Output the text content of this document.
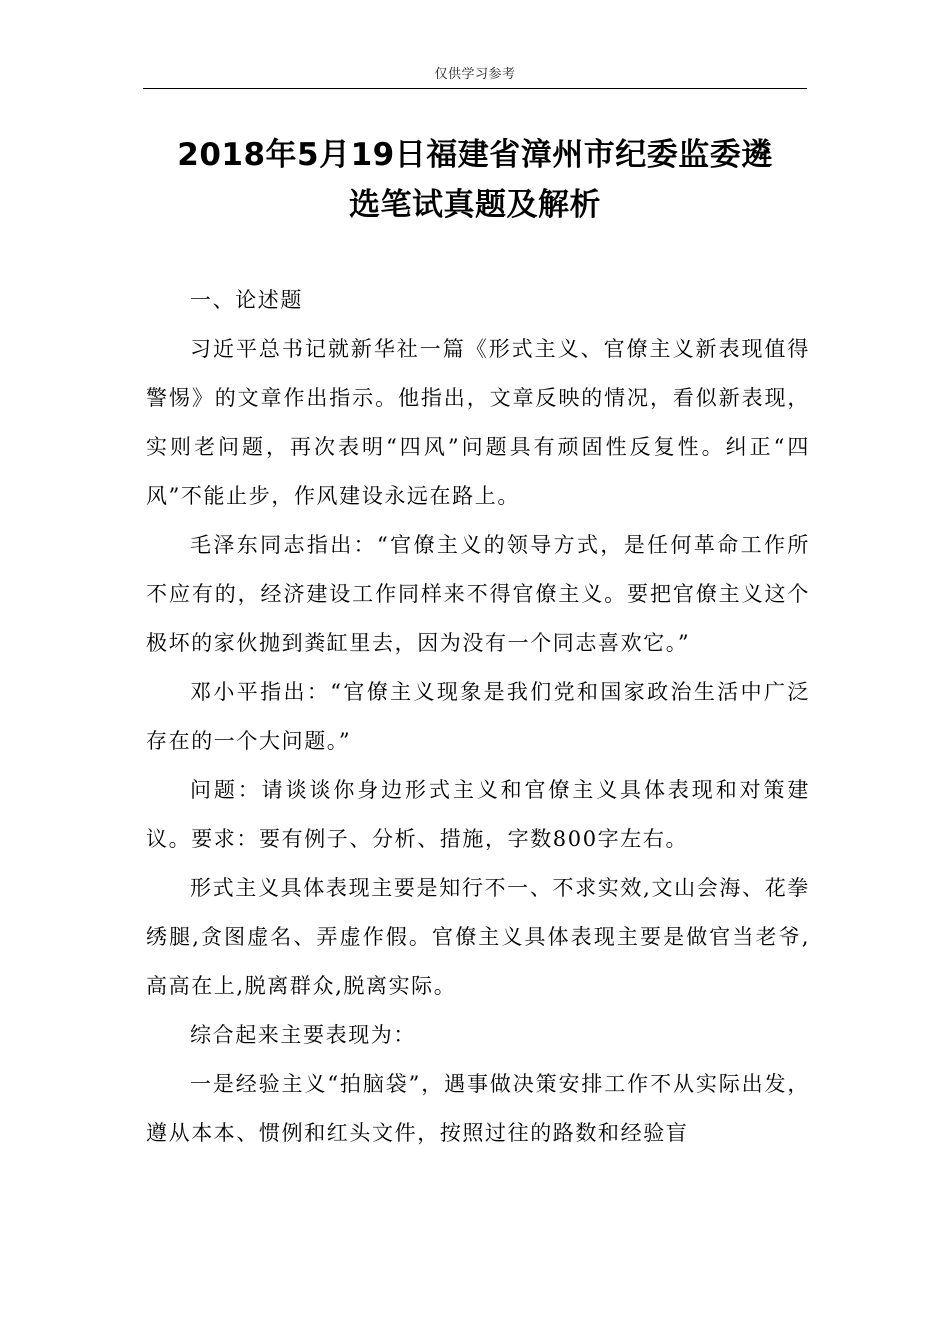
仅供学习参考
2018年5月19日福建省漳州市纪委监委遴
选笔试真题及解析

一、论述题

习近平总书记就新华社一篇《形式主义、官僚主义新表现值得警惕》的文章作出指示。他指出，文章反映的情况，看似新表现，实则老问题，再次表明“四风”问题具有顽固性反复性。纠正“四风”不能止步，作风建设永远在路上。

毛泽东同志指出：“官僚主义的领导方式，是任何革命工作所不应有的，经济建设工作同样来不得官僚主义。要把官僚主义这个极坏的家伙抛到粪缸里去，因为没有一个同志喜欢它。”

邓小平指出：“官僚主义现象是我们党和国家政治生活中广泛存在的一个大问题。”

问题：请谈谈你身边形式主义和官僚主义具体表现和对策建议。要求：要有例子、分析、措施，字数800字左右。

形式主义具体表现主要是知行不一、不求实效,文山会海、花拳绣腿,贪图虚名、弄虚作假。官僚主义具体表现主要是做官当老爷,高高在上,脱离群众,脱离实际。

综合起来主要表现为：

一是经验主义“拍脑袋”，遇事做决策安排工作不从实际出发，遵从本本、惯例和红头文件，按照过往的路数和经验盲
